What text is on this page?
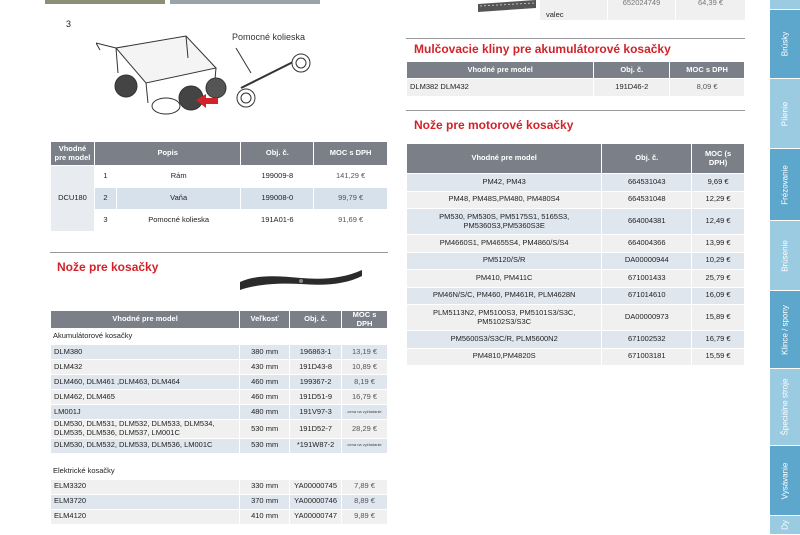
3
Pomocné kolieska
Vhodné pre model	Popis		Obj. č.	MOC s DPH
DCU180	1	Rám	199009-8	141,29 €
	2	Vaňa	199008-0	99,79 €
	3	Pomocné kolieska	191A01-6	91,69 €
Nože pre kosačky
Vhodné pre model	Veľkosť	Obj. č.	MOC s DPH
Akumulátorové kosačky			
DLM380	380 mm	196863-1	13,19 €
DLM432	430 mm	191D43-8	10,89 €
DLM460, DLM461 ,DLM463, DLM464	460 mm	199367-2	8,19 €
DLM462, DLM465	460 mm	191D51-9	16,79 €
LM001J	480 mm	191V97-3	cena na vyžiadanie
DLM530, DLM531, DLM532, DLM533, DLM534, DLM535, DLM536, DLM537, LM001C	530 mm	191D52-7	28,29 €
DLM530, DLM532, DLM533, DLM536, LM001C	530 mm	*191W87-2	cena na vyžiadanie

Elektrické kosačky			
ELM3320	330 mm	YA00000745	7,89 €
ELM3720	370 mm	YA00000746	8,89 €
ELM4120	410 mm	YA00000747	9,89 €
valec
652024749	64,39 €
Mulčovacie kliny pre akumulátorové kosačky
Vhodné pre model	Obj. č.	MOC s DPH
DLM382 DLM432	191D46-2	8,09 €
Nože pre motorové kosačky
Vhodné pre model	Obj. č.	MOC (s DPH)
PM42, PM43	664531043	9,69 €
PM48, PM48S,PM480, PM480S4	664531048	12,29 €
PM530, PM530S, PM5175S1, 5165S3, PM5360S3,PM5360S3E	664004381	12,49 €
PM4660S1, PM4655S4, PM4860/S/S4	664004366	13,99 €
PM5120/S/R	DA00000944	10,29 €
PM410, PM411C	671001433	25,79 €
PM46N/S/C, PM460, PM461R, PLM4628N	671014610	16,09 €
PLM5113N2, PM5100S3, PM5101S3/S3C, PM5102S3/S3C	DA00000973	15,89 €
PM5600S3/S3C/R, PLM5600N2	671002532	16,79 €
PM4810,PM4820S	671003181	15,59 €
Brúsky
Pílenie
Frézovanie
Brúsenie
Klince / spony
Špeciálne stroje
Vysávanie
Dy
